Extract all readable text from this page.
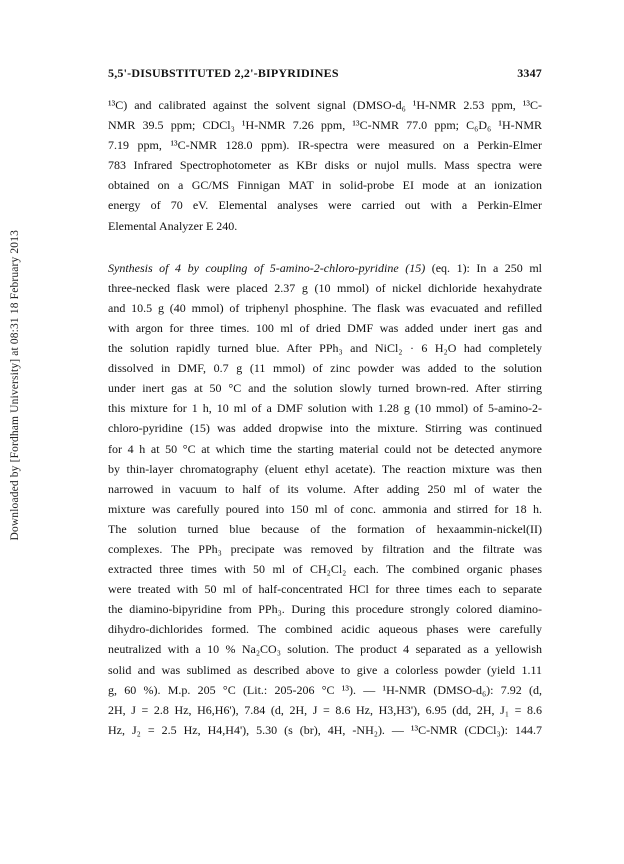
Downloaded by [Fordham University] at 08:31 18 February 2013
5,5'-DISUBSTITUTED 2,2'-BIPYRIDINES	3347
¹³C) and calibrated against the solvent signal (DMSO-d₆ ¹H-NMR 2.53 ppm, ¹³C-
NMR 39.5 ppm; CDCl₃ ¹H-NMR 7.26 ppm, ¹³C-NMR 77.0 ppm; C₆D₆ ¹H-NMR
7.19 ppm, ¹³C-NMR 128.0 ppm). IR-spectra were measured on a Perkin-Elmer
783 Infrared Spectrophotometer as KBr disks or nujol mulls. Mass spectra were
obtained on a GC/MS Finnigan MAT in solid-probe EI mode at an ionization
energy of 70 eV. Elemental analyses were carried out with a Perkin-Elmer
Elemental Analyzer E 240.
Synthesis of 4 by coupling of 5-amino-2-chloro-pyridine (15) (eq. 1): In a 250 ml
three-necked flask were placed 2.37 g (10 mmol) of nickel dichloride hexahydrate
and 10.5 g (40 mmol) of triphenyl phosphine. The flask was evacuated and refilled
with argon for three times. 100 ml of dried DMF was added under inert gas and
the solution rapidly turned blue. After PPh₃ and NiCl₂ · 6 H₂O had completely
dissolved in DMF, 0.7 g (11 mmol) of zinc powder was added to the solution
under inert gas at 50 °C and the solution slowly turned brown-red. After stirring
this mixture for 1 h, 10 ml of a DMF solution with 1.28 g (10 mmol) of 5-amino-2-
chloro-pyridine (15) was added dropwise into the mixture. Stirring was continued
for 4 h at 50 °C at which time the starting material could not be detected anymore
by thin-layer chromatography (eluent ethyl acetate). The reaction mixture was then
narrowed in vacuum to half of its volume. After adding 250 ml of water the
mixture was carefully poured into 150 ml of conc. ammonia and stirred for 18 h.
The solution turned blue because of the formation of hexaammin-nickel(II)
complexes. The PPh₃ precipate was removed by filtration and the filtrate was
extracted three times with 50 ml of CH₂Cl₂ each. The combined organic phases
were treated with 50 ml of half-concentrated HCl for three times each to separate
the diamino-bipyridine from PPh₃. During this procedure strongly colored diamino-
dihydro-dichlorides formed. The combined acidic aqueous phases were carefully
neutralized with a 10 % Na₂CO₃ solution. The product 4 separated as a yellowish
solid and was sublimed as described above to give a colorless powder (yield 1.11
g, 60 %). M.p. 205 °C (Lit.: 205-206 °C ¹³). — ¹H-NMR (DMSO-d₆): 7.92 (d,
2H, J = 2.8 Hz, H6,H6'), 7.84 (d, 2H, J = 8.6 Hz, H3,H3'), 6.95 (dd, 2H, J₁ = 8.6
Hz, J₂ = 2.5 Hz, H4,H4'), 5.30 (s (br), 4H, -NH₂). — ¹³C-NMR (CDCl₃): 144.7
